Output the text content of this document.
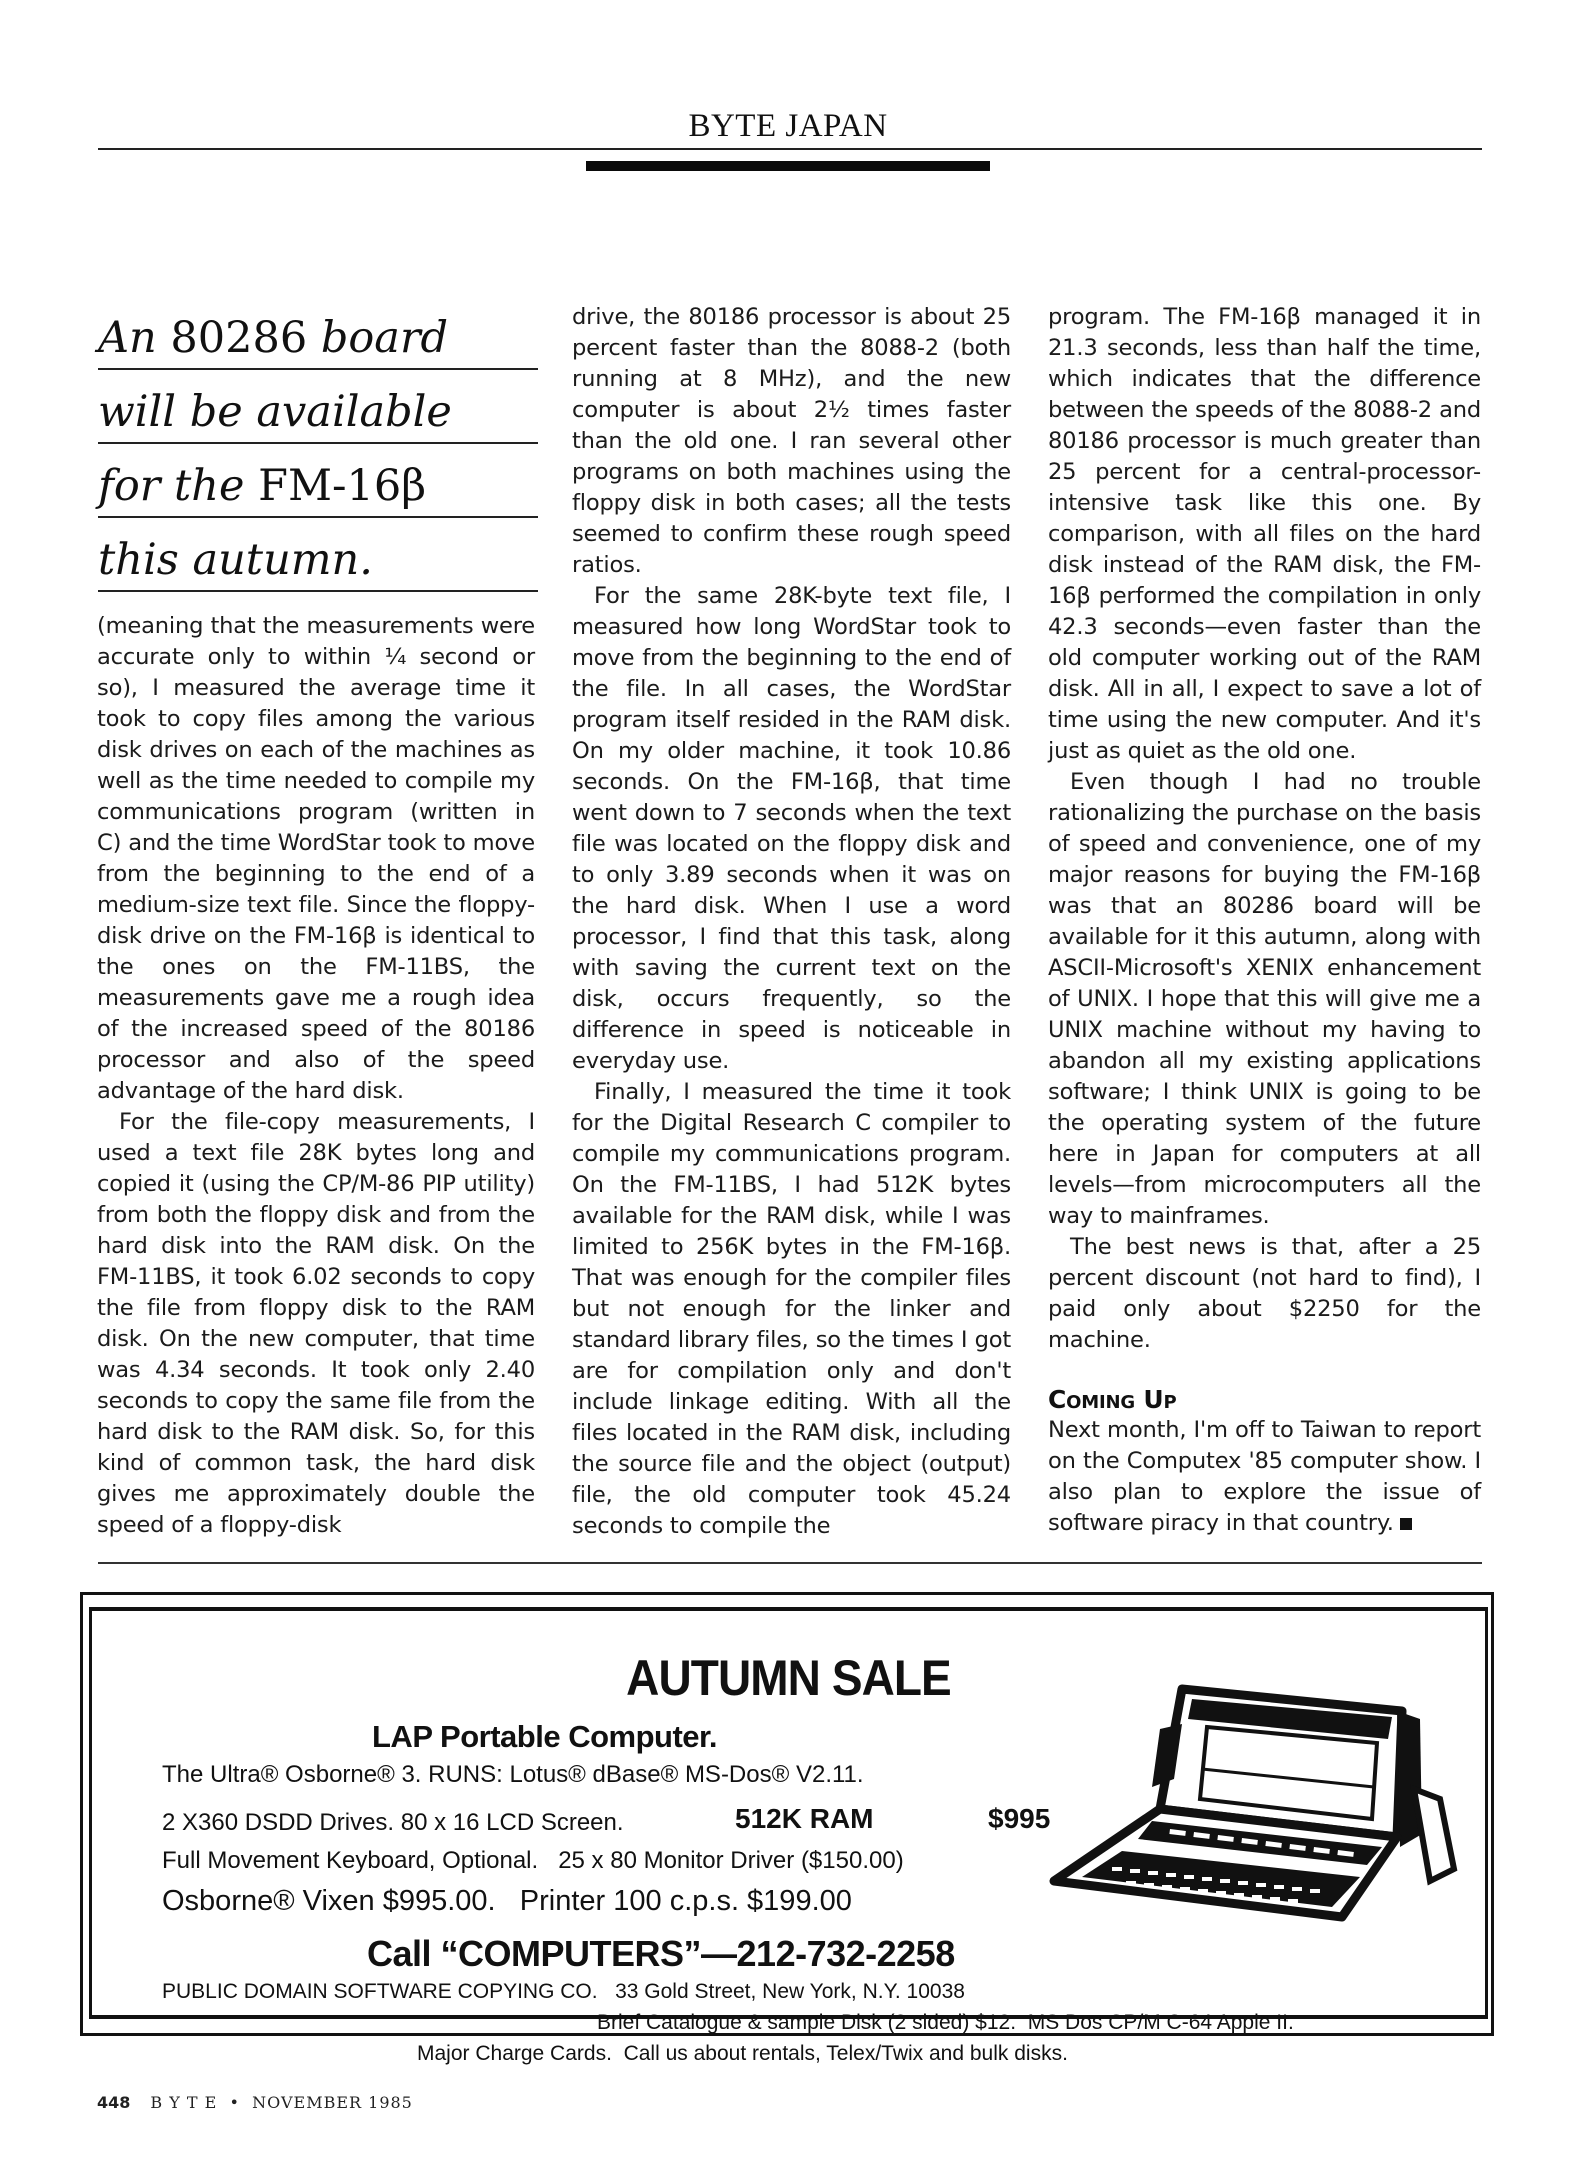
BYTE JAPAN
An
80286
board
will be available
for the
FM-16β
this autumn.

(meaning that the measurements were accurate only to within ¼ second or so), I measured the average time it took to copy files among the various disk drives on each of the machines as well as the time needed to compile my communications program (written in C) and the time WordStar took to move from the beginning to the end of a medium-size text file. Since the floppy-disk drive on the FM-16β is identical to the ones on the FM-11BS, the measurements gave me a rough idea of the increased speed of the 80186 processor and also of the speed advantage of the hard disk.

For the file-copy measurements, I used a text file 28K bytes long and copied it (using the CP/M-86 PIP utility) from both the floppy disk and from the hard disk into the RAM disk. On the FM-11BS, it took 6.02 seconds to copy the file from floppy disk to the RAM disk. On the new computer, that time was 4.34 seconds. It took only 2.40 seconds to copy the same file from the hard disk to the RAM disk. So, for this kind of common task, the hard disk gives me approximately double the speed of a floppy-disk

drive, the 80186 processor is about 25 percent faster than the 8088-2 (both running at 8 MHz), and the new computer is about 2½ times faster than the old one. I ran several other programs on both machines using the floppy disk in both cases; all the tests seemed to confirm these rough speed ratios.

For the same 28K-byte text file, I measured how long WordStar took to move from the beginning to the end of the file. In all cases, the WordStar program itself resided in the RAM disk. On my older machine, it took 10.86 seconds. On the FM-16β, that time went down to 7 seconds when the text file was located on the floppy disk and to only 3.89 seconds when it was on the hard disk. When I use a word processor, I find that this task, along with saving the current text on the disk, occurs frequently, so the difference in speed is noticeable in everyday use.

Finally, I measured the time it took for the Digital Research C compiler to compile my communications program. On the FM-11BS, I had 512K bytes available for the RAM disk, while I was limited to 256K bytes in the FM-16β. That was enough for the compiler files but not enough for the linker and standard library files, so the times I got are for compilation only and don't include linkage editing. With all the files located in the RAM disk, including the source file and the object (output) file, the old computer took 45.24 seconds to compile the

program. The FM-16β managed it in 21.3 seconds, less than half the time, which indicates that the difference between the speeds of the 8088-2 and 80186 processor is much greater than 25 percent for a central-processor-intensive task like this one. By comparison, with all files on the hard disk instead of the RAM disk, the FM-16β performed the compilation in only 42.3 seconds—even faster than the old computer working out of the RAM disk. All in all, I expect to save a lot of time using the new computer. And it's just as quiet as the old one.

Even though I had no trouble rationalizing the purchase on the basis of speed and convenience, one of my major reasons for buying the FM-16β was that an 80286 board will be available for it this autumn, along with ASCII-Microsoft's XENIX enhancement of UNIX. I hope that this will give me a UNIX machine without my having to abandon all my existing applications software; I think UNIX is going to be the operating system of the future here in Japan for computers at all levels—from microcomputers all the way to mainframes.

The best news is that, after a 25 percent discount (not hard to find), I paid only about $2250 for the machine.

Coming Up

Next month, I'm off to Taiwan to report on the Computex '85 computer show. I also plan to explore the issue of software piracy in that country.

AUTUMN SALE
LAP Portable Computer.
The Ultra® Osborne® 3. RUNS: Lotus® dBase® MS-Dos® V2.11.
2 X360 DSDD Drives. 80 x 16 LCD Screen.	512K RAM	$995
Full Movement Keyboard, Optional.   25 x 80 Monitor Driver ($150.00)
Osborne® Vixen $995.00.   Printer 100 c.p.s. $199.00
Call “COMPUTERS”—212-732-2258
PUBLIC DOMAIN SOFTWARE COPYING CO.   33 Gold Street, New York, N.Y. 10038
Brief Catalogue & sample Disk (2 sided) $12.  MS Dos CP/M C-64 Apple II.
Major Charge Cards.  Call us about rentals, Telex/Twix and bulk disks.
448 B Y T E  •  NOVEMBER 1985
